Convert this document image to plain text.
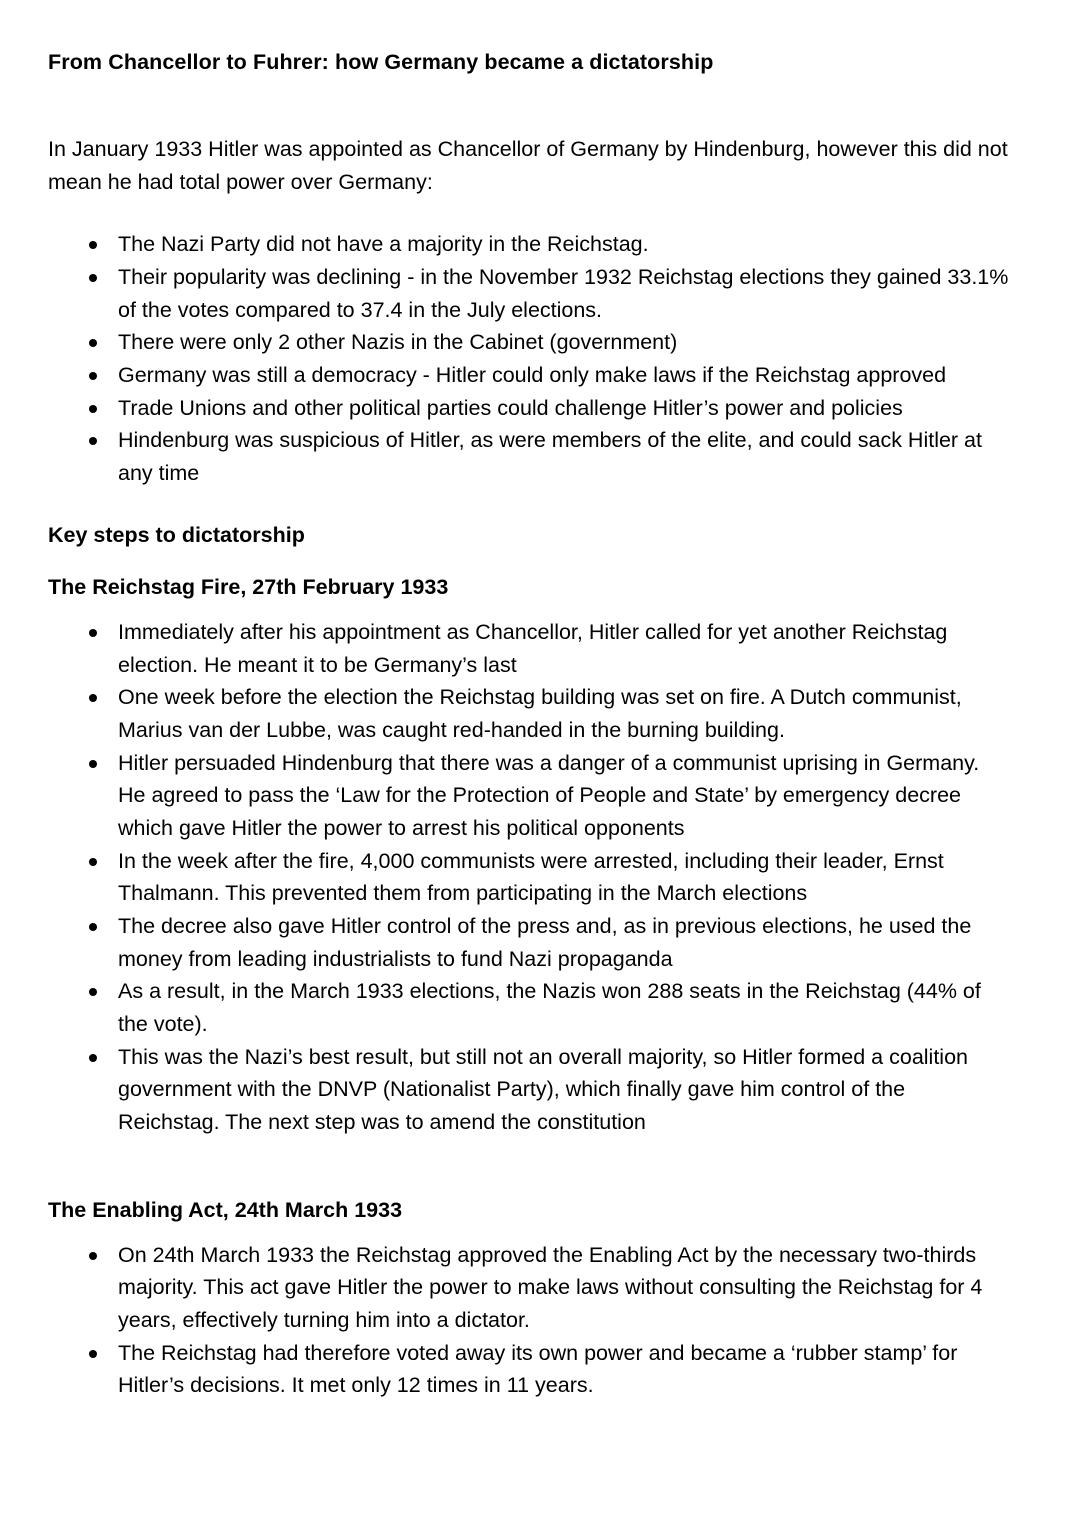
From Chancellor to Fuhrer: how Germany became a dictatorship

In January 1933 Hitler was appointed as Chancellor of Germany by Hindenburg, however this did not mean he had total power over Germany:

The Nazi Party did not have a majority in the Reichstag.
Their popularity was declining - in the November 1932 Reichstag elections they gained 33.1% of the votes compared to 37.4 in the July elections.
There were only 2 other Nazis in the Cabinet (government)
Germany was still a democracy - Hitler could only make laws if the Reichstag approved
Trade Unions and other political parties could challenge Hitler’s power and policies
Hindenburg was suspicious of Hitler, as were members of the elite, and could sack Hitler at any time
Key steps to dictatorship
The Reichstag Fire, 27th February 1933
Immediately after his appointment as Chancellor, Hitler called for yet another Reichstag election. He meant it to be Germany’s last
One week before the election the Reichstag building was set on fire. A Dutch communist, Marius van der Lubbe, was caught red-handed in the burning building.
Hitler persuaded Hindenburg that there was a danger of a communist uprising in Germany. He agreed to pass the ‘Law for the Protection of People and State’ by emergency decree which gave Hitler the power to arrest his political opponents
In the week after the fire, 4,000 communists were arrested, including their leader, Ernst Thalmann. This prevented them from participating in the March elections
The decree also gave Hitler control of the press and, as in previous elections, he used the money from leading industrialists to fund Nazi propaganda
As a result, in the March 1933 elections, the Nazis won 288 seats in the Reichstag (44% of the vote).
This was the Nazi’s best result, but still not an overall majority, so Hitler formed a coalition government with the DNVP (Nationalist Party), which finally gave him control of the Reichstag. The next step was to amend the constitution
The Enabling Act, 24th March 1933
On 24th March 1933 the Reichstag approved the Enabling Act by the necessary two-thirds majority. This act gave Hitler the power to make laws without consulting the Reichstag for 4 years, effectively turning him into a dictator.
The Reichstag had therefore voted away its own power and became a ‘rubber stamp’ for Hitler’s decisions. It met only 12 times in 11 years.
